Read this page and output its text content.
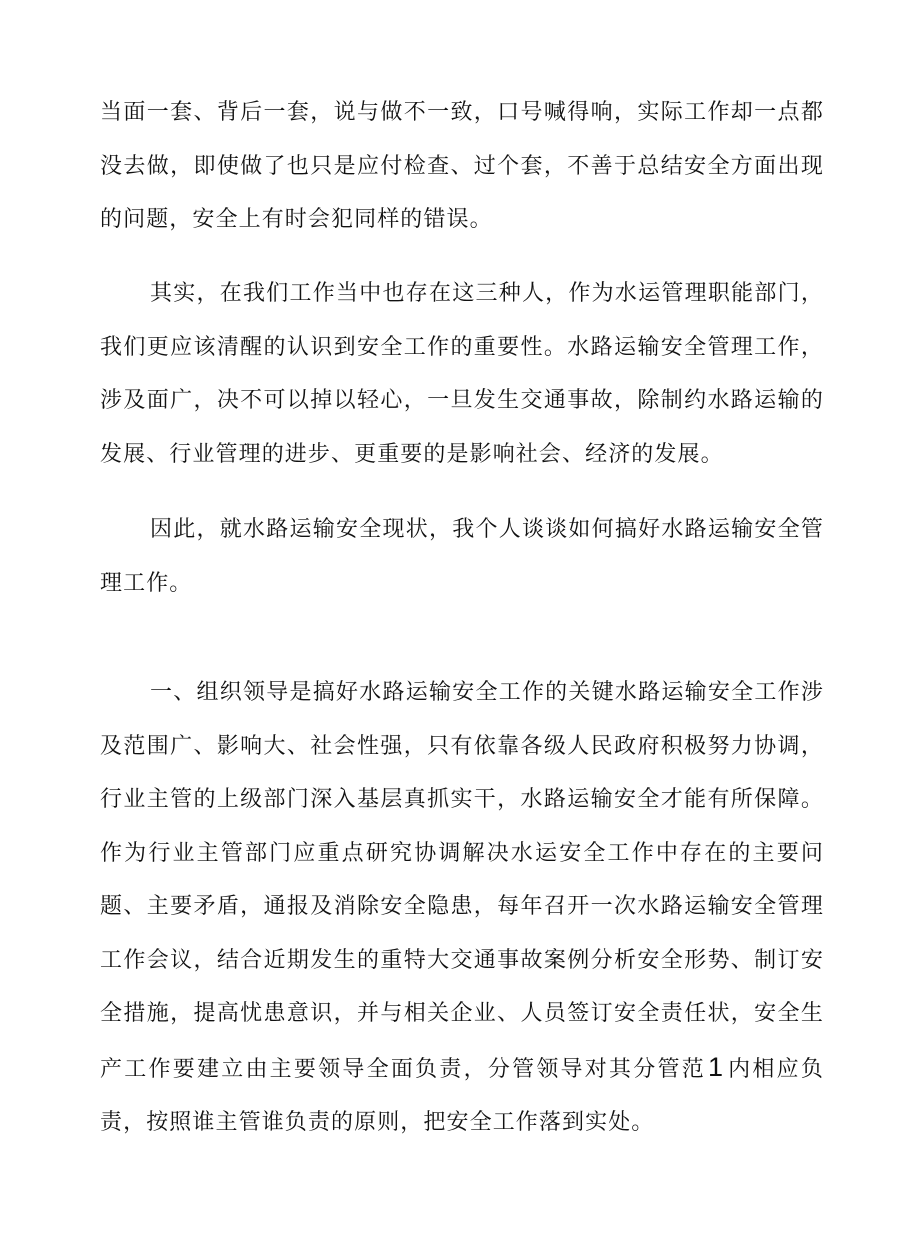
当面一套、背后一套，说与做不一致，口号喊得响，实际工作却一点都没去做，即使做了也只是应付检查、过个套，不善于总结安全方面出现的问题，安全上有时会犯同样的错误。

其实，在我们工作当中也存在这三种人，作为水运管理职能部门，我们更应该清醒的认识到安全工作的重要性。水路运输安全管理工作，涉及面广，决不可以掉以轻心，一旦发生交通事故，除制约水路运输的发展、行业管理的进步、更重要的是影响社会、经济的发展。

因此，就水路运输安全现状，我个人谈谈如何搞好水路运输安全管理工作。

一、组织领导是搞好水路运输安全工作的关键水路运输安全工作涉及范围广、影响大、社会性强，只有依靠各级人民政府积极努力协调，行业主管的上级部门深入基层真抓实干，水路运输安全才能有所保障。作为行业主管部门应重点研究协调解决水运安全工作中存在的主要问题、主要矛盾，通报及消除安全隐患，每年召开一次水路运输安全管理工作会议，结合近期发生的重特大交通事故案例分析安全形势、制订安全措施，提高忧患意识，并与相关企业、人员签订安全责任状，安全生产工作要建立由主要领导全面负责，分管领导对其分管范1 内相应负责，按照谁主管谁负责的原则，把安全工作落到实处。
